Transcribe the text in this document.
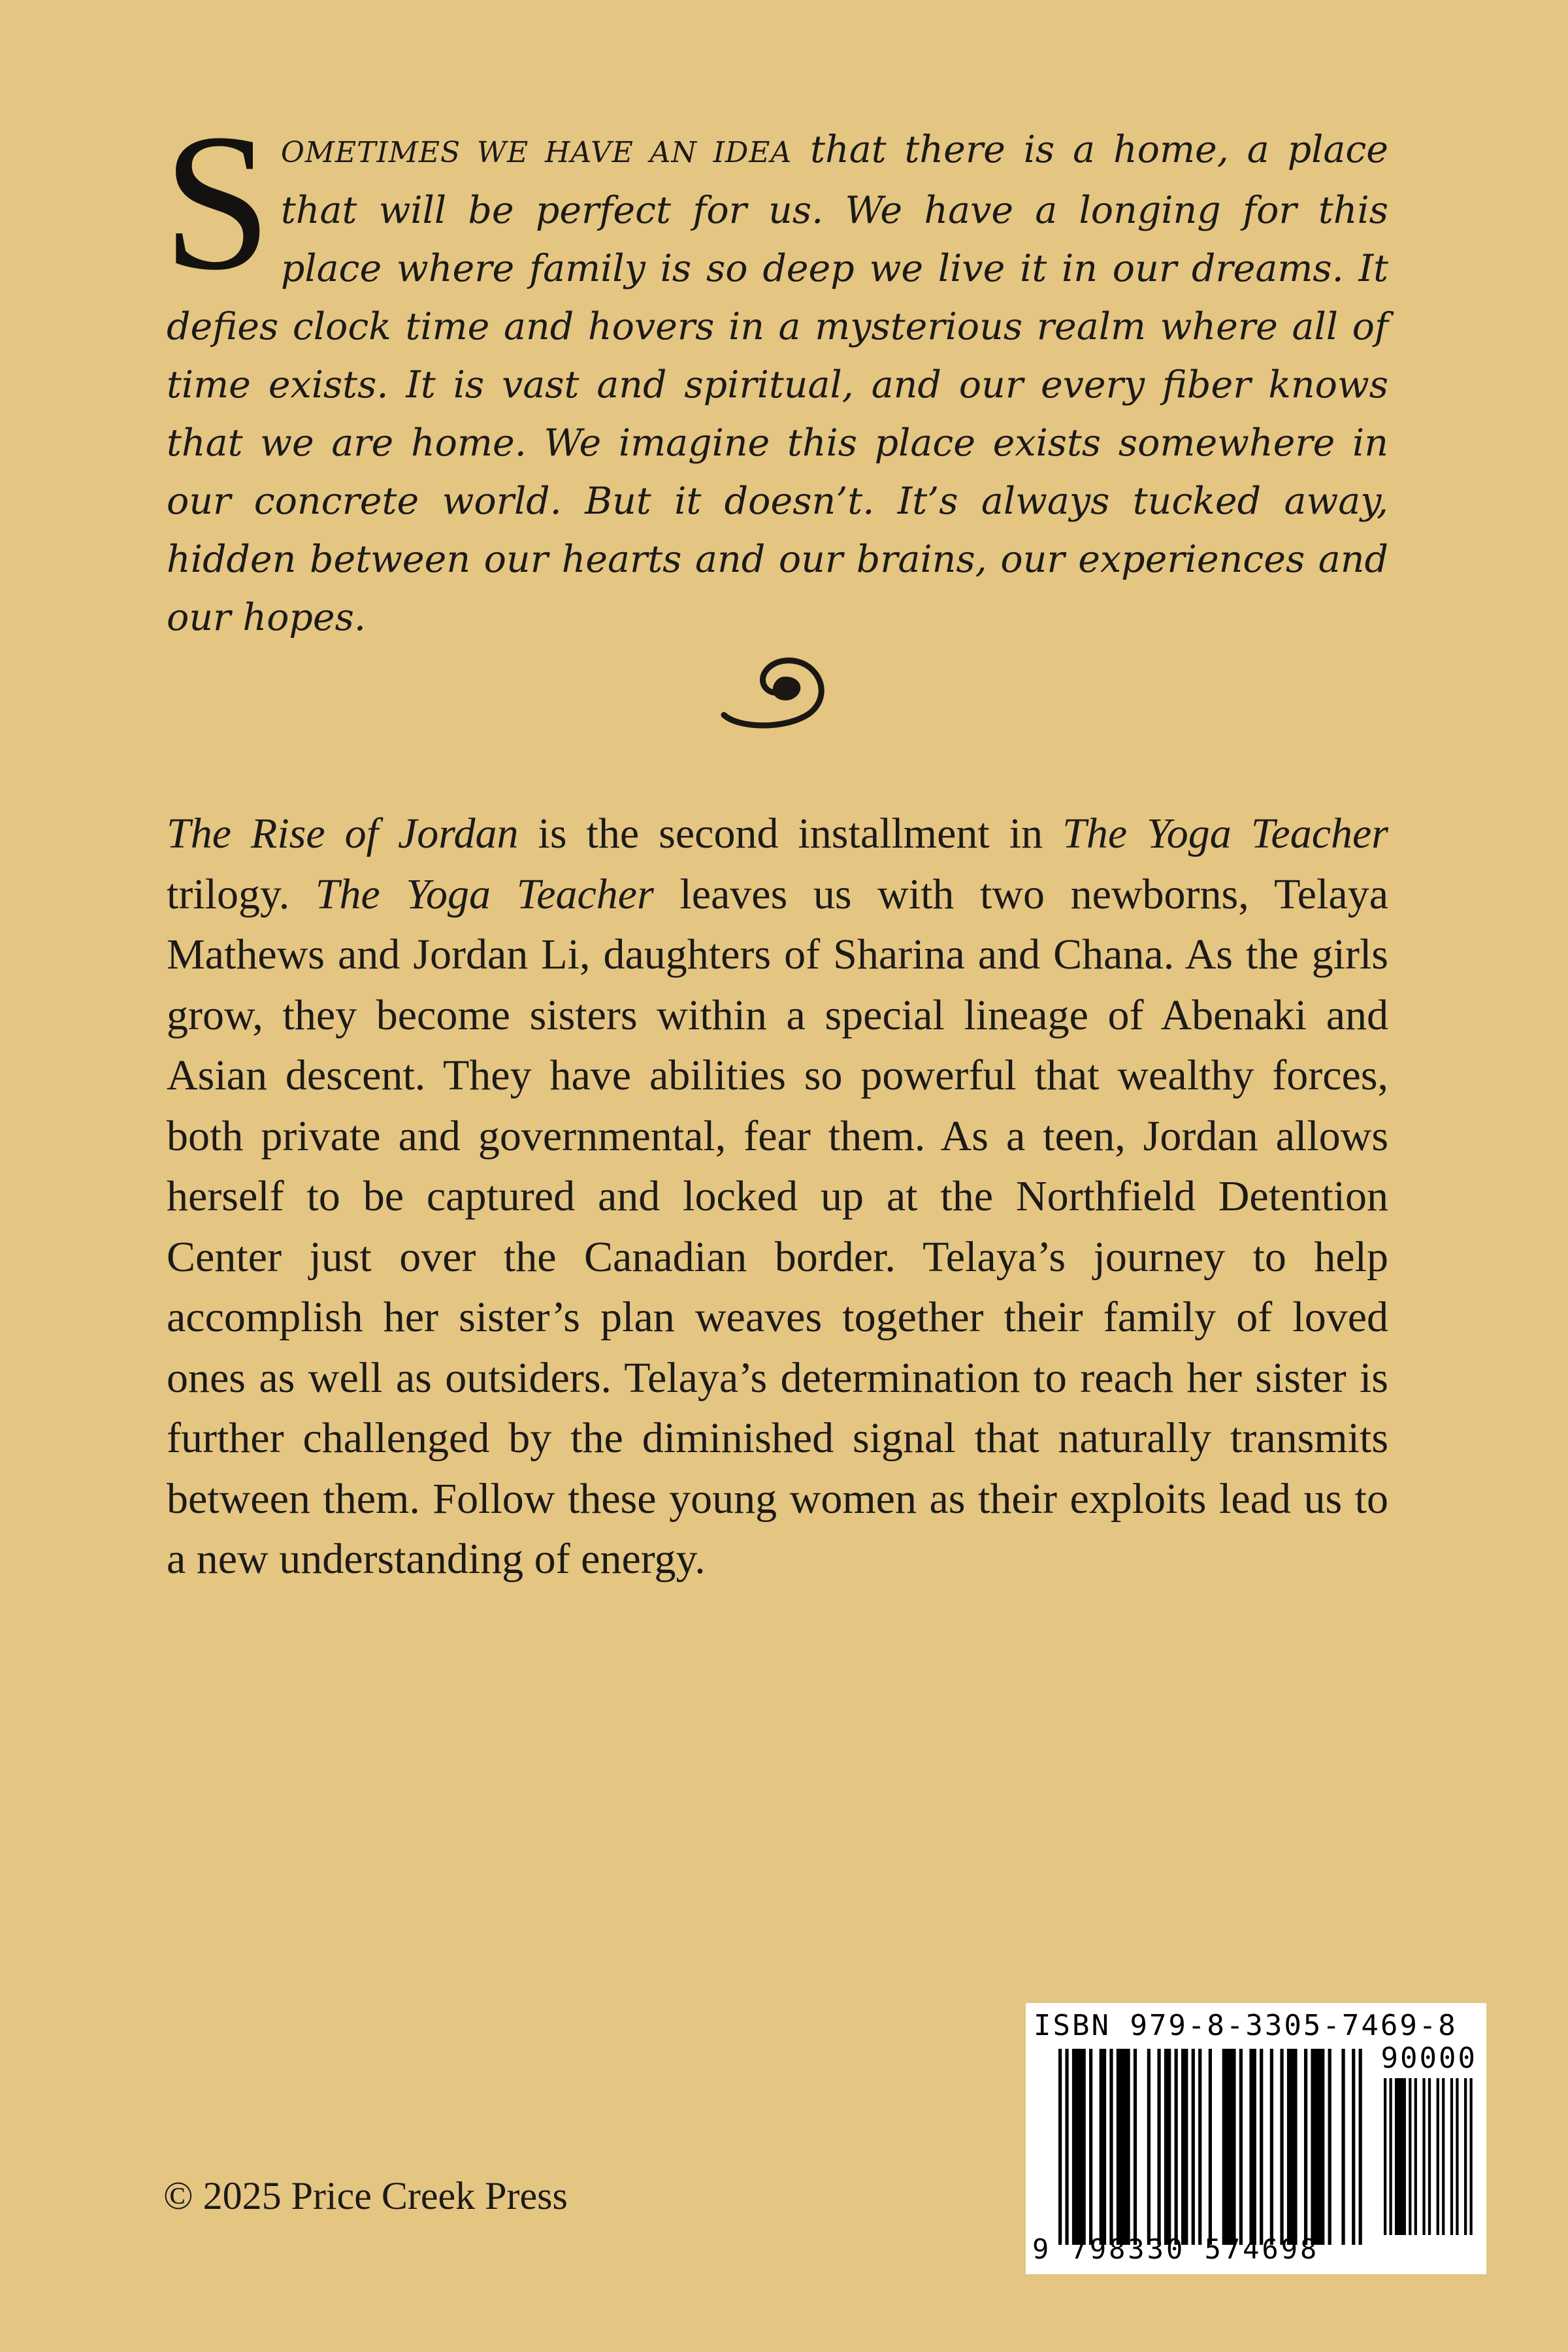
SOMETIMES WE HAVE AN IDEA that there is a home, a place that will be perfect for us. We have a longing for this place where family is so deep we live it in our dreams. It defies clock time and hovers in a mysterious realm where all of time exists. It is vast and spiritual, and our every fiber knows that we are home. We imagine this place exists somewhere in our concrete world. But it doesn’t. It’s always tucked away, hidden between our hearts and our brains, our experiences and our hopes.
The Rise of Jordan is the second installment in The Yoga Teacher trilogy. The Yoga Teacher leaves us with two newborns, Telaya Mathews and Jordan Li, daughters of Sharina and Chana. As the girls grow, they become sisters within a special lineage of Abenaki and Asian descent. They have abilities so powerful that wealthy forces, both private and governmental, fear them. As a teen, Jordan allows herself to be captured and locked up at the Northfield Detention Center just over the Canadian border. Telaya’s journey to help accomplish her sister’s plan weaves together their family of loved ones as well as outsiders. Telaya’s determination to reach her sister is further challenged by the diminished signal that naturally transmits between them. Follow these young women as their exploits lead us to a new understanding of energy.
© 2025 Price Creek Press
ISBN 979-8-3305-7469-8
90000
9 798330 574698
